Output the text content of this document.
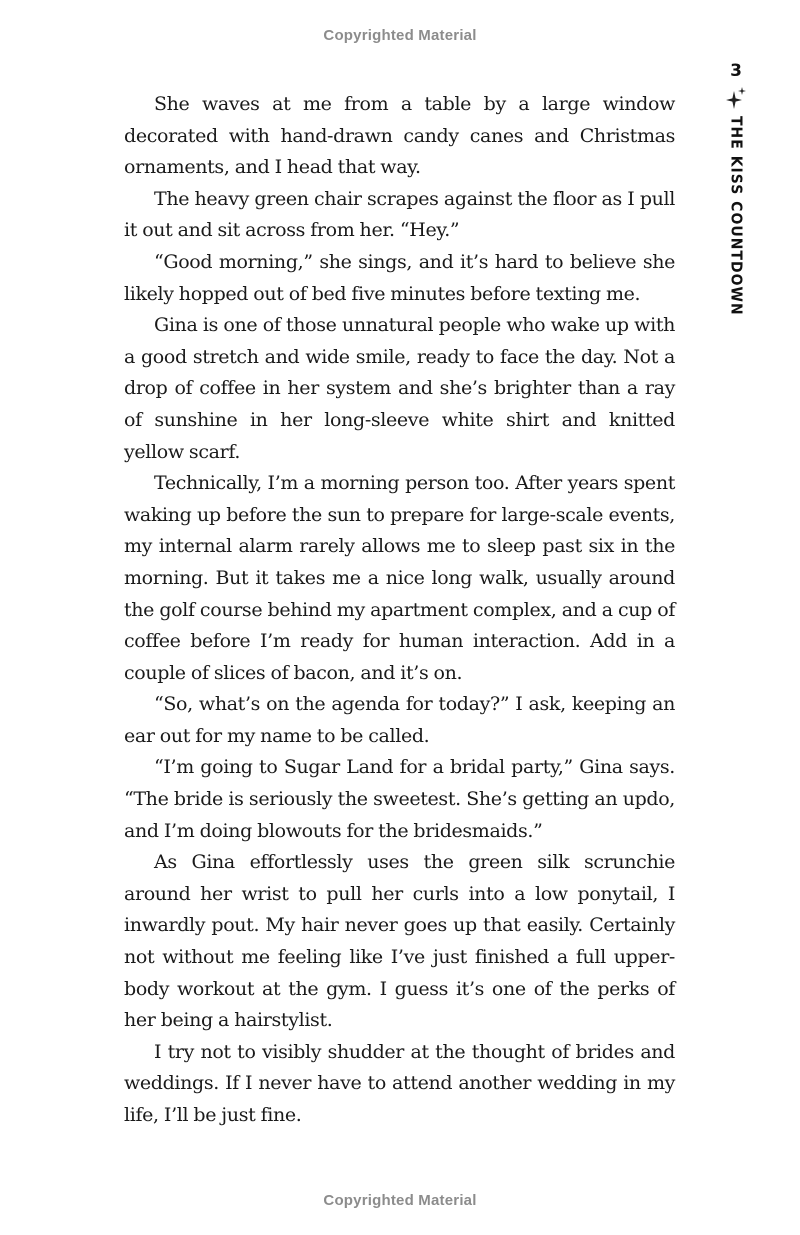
Copyrighted Material
3
THE KISS COUNTDOWN

She waves at me from a table by a large window decorated with hand-drawn candy canes and Christmas ornaments, and I head that way.

The heavy green chair scrapes against the floor as I pull it out and sit across from her. “Hey.”

“Good morning,” she sings, and it’s hard to believe she likely hopped out of bed five minutes before texting me.

Gina is one of those unnatural people who wake up with a good stretch and wide smile, ready to face the day. Not a drop of coffee in her system and she’s brighter than a ray of sunshine in her long-sleeve white shirt and knitted yellow scarf.

Technically, I’m a morning person too. After years spent waking up before the sun to prepare for large-scale events, my internal alarm rarely allows me to sleep past six in the morning. But it takes me a nice long walk, usually around the golf course behind my apartment complex, and a cup of coffee before I’m ready for human interaction. Add in a couple of slices of bacon, and it’s on.

“So, what’s on the agenda for today?” I ask, keeping an ear out for my name to be called.

“I’m going to Sugar Land for a bridal party,” Gina says. “The bride is seriously the sweetest. She’s getting an updo, and I’m doing blowouts for the bridesmaids.”

As Gina effortlessly uses the green silk scrunchie around her wrist to pull her curls into a low ponytail, I inwardly pout. My hair never goes up that easily. Certainly not without me feeling like I’ve just finished a full upper-body workout at the gym. I guess it’s one of the perks of her being a hairstylist.

I try not to visibly shudder at the thought of brides and weddings. If I never have to attend another wedding in my life, I’ll be just fine.

Copyrighted Material
